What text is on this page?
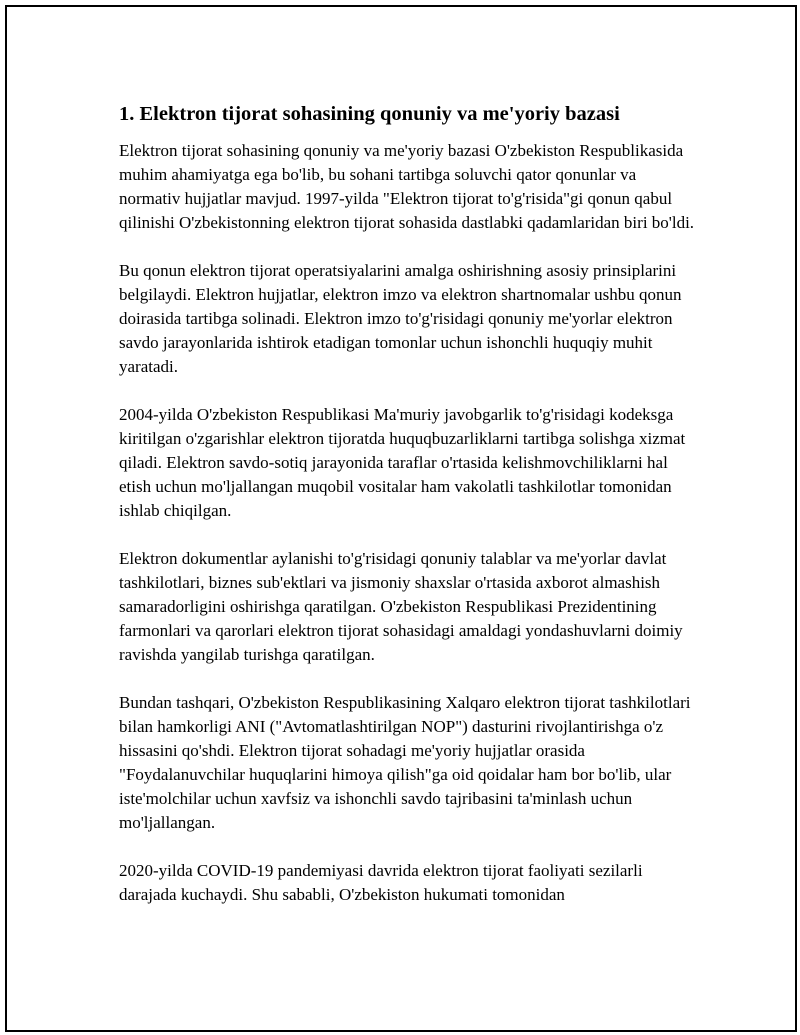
1. Elektron tijorat sohasining qonuniy va me'yoriy bazasi

Elektron tijorat sohasining qonuniy va me'yoriy bazasi O'zbekiston Respublikasida muhim ahamiyatga ega bo'lib, bu sohani tartibga soluvchi qator qonunlar va normativ hujjatlar mavjud. 1997-yilda "Elektron tijorat to'g'risida"gi qonun qabul qilinishi O'zbekistonning elektron tijorat sohasida dastlabki qadamlaridan biri bo'ldi.

Bu qonun elektron tijorat operatsiyalarini amalga oshirishning asosiy prinsiplarini belgilaydi. Elektron hujjatlar, elektron imzo va elektron shartnomalar ushbu qonun doirasida tartibga solinadi. Elektron imzo to'g'risidagi qonuniy me'yorlar elektron savdo jarayonlarida ishtirok etadigan tomonlar uchun ishonchli huquqiy muhit yaratadi.

2004-yilda O'zbekiston Respublikasi Ma'muriy javobgarlik to'g'risidagi kodeksga kiritilgan o'zgarishlar elektron tijoratda huquqbuzarliklarni tartibga solishga xizmat qiladi. Elektron savdo-sotiq jarayonida taraflar o'rtasida kelishmovchiliklarni hal etish uchun mo'ljallangan muqobil vositalar ham vakolatli tashkilotlar tomonidan ishlab chiqilgan.

Elektron dokumentlar aylanishi to'g'risidagi qonuniy talablar va me'yorlar davlat tashkilotlari, biznes sub'ektlari va jismoniy shaxslar o'rtasida axborot almashish samaradorligini oshirishga qaratilgan. O'zbekiston Respublikasi Prezidentining farmonlari va qarorlari elektron tijorat sohasidagi amaldagi yondashuvlarni doimiy ravishda yangilab turishga qaratilgan.

Bundan tashqari, O'zbekiston Respublikasining Xalqaro elektron tijorat tashkilotlari bilan hamkorligi ANI ("Avtomatlashtirilgan NOP") dasturini rivojlantirishga o'z hissasini qo'shdi. Elektron tijorat sohadagi me'yoriy hujjatlar orasida "Foydalanuvchilar huquqlarini himoya qilish"ga oid qoidalar ham bor bo'lib, ular iste'molchilar uchun xavfsiz va ishonchli savdo tajribasini ta'minlash uchun mo'ljallangan.

2020-yilda COVID-19 pandemiyasi davrida elektron tijorat faoliyati sezilarli darajada kuchaydi. Shu sababli, O'zbekiston hukumati tomonidan
